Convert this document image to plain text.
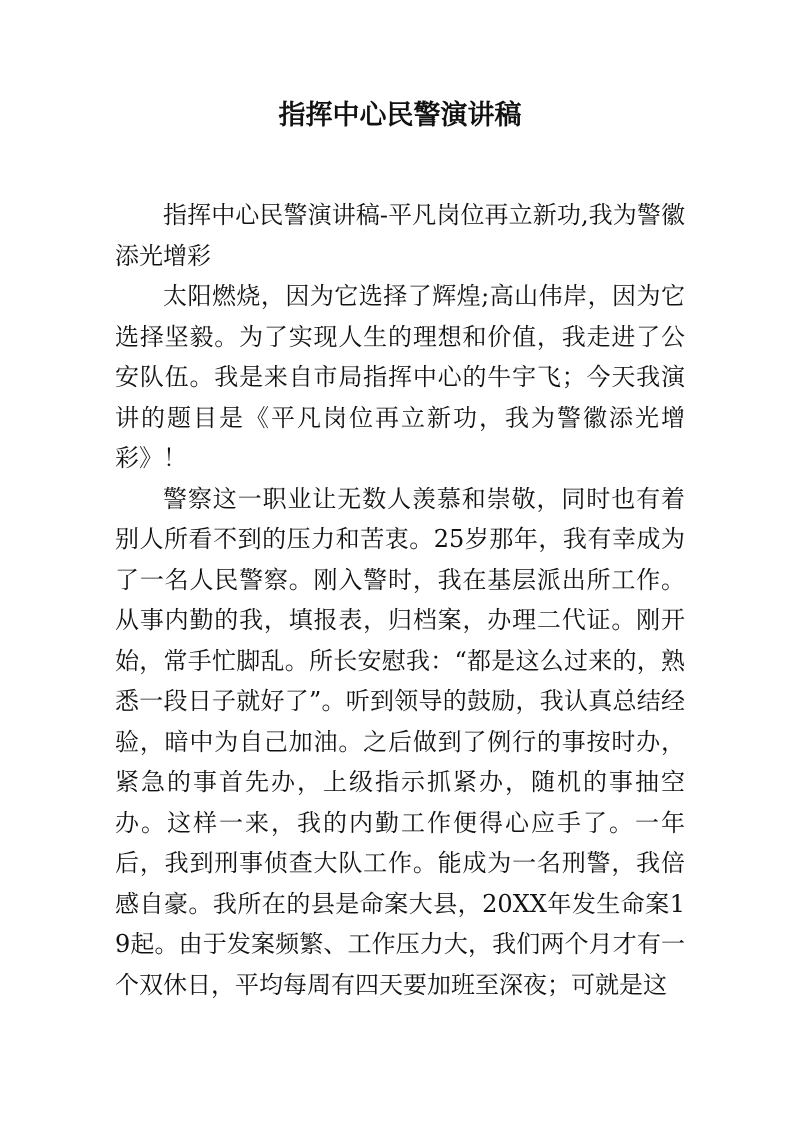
指挥中心民警演讲稿

指挥中心民警演讲稿-平凡岗位再立新功,我为警徽添光增彩

太阳燃烧，因为它选择了辉煌;高山伟岸，因为它选择坚毅。为了实现人生的理想和价值，我走进了公安队伍。我是来自市局指挥中心的牛宇飞；今天我演讲的题目是《平凡岗位再立新功，我为警徽添光增彩》！

警察这一职业让无数人羡慕和崇敬，同时也有着别人所看不到的压力和苦衷。25岁那年，我有幸成为了一名人民警察。刚入警时，我在基层派出所工作。从事内勤的我，填报表，归档案，办理二代证。刚开始，常手忙脚乱。所长安慰我：“都是这么过来的，熟悉一段日子就好了”。听到领导的鼓励，我认真总结经验，暗中为自己加油。之后做到了例行的事按时办，紧急的事首先办，上级指示抓紧办，随机的事抽空办。这样一来，我的内勤工作便得心应手了。一年后，我到刑事侦查大队工作。能成为一名刑警，我倍感自豪。我所在的县是命案大县，20XX年发生命案19起。由于发案频繁、工作压力大，我们两个月才有一个双休日，平均每周有四天要加班至深夜；可就是这
